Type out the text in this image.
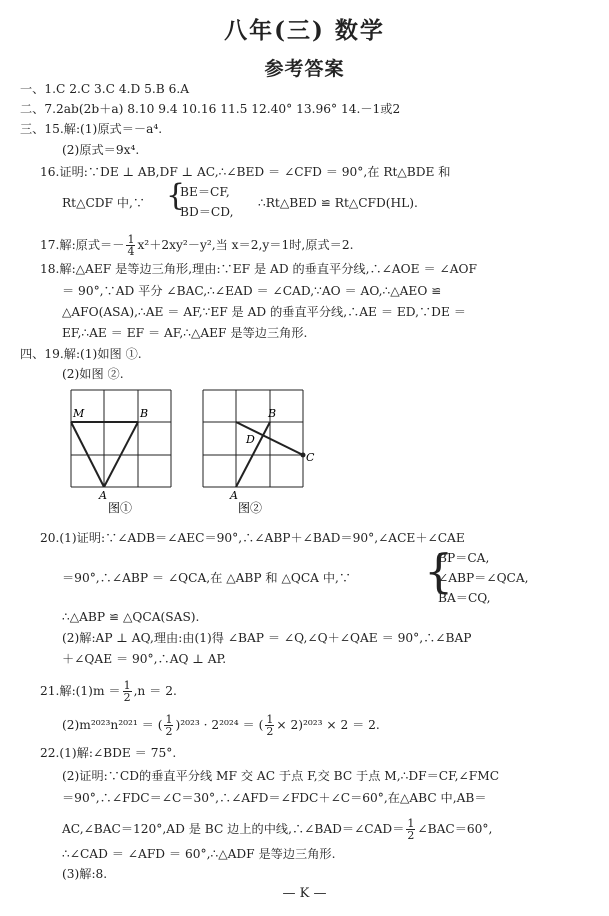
八年(三) 数学
参考答案
一、1.C 2.C 3.C 4.D 5.B 6.A
二、7.2ab(2b＋a) 8.10 9.4 10.16 11.5 12.40° 13.96° 14.－1或2
三、15.解:(1)原式＝－a⁴.
(2)原式＝9x⁴.
16.证明:∵DE ⊥ AB,DF ⊥ AC,∴∠BED ＝ ∠CFD ＝ 90°,在 Rt△BDE 和
Rt△CDF 中,∵ {
BE＝CF,
BD＝CD,
∴Rt△BED ≌ Rt△CFD(HL).
17.解:原式＝－ $\frac{1}{4} x^2+2xy^2-y^2$,当 x＝2,y＝1时,原式＝2.
18.解:△AEF 是等边三角形,理由:∵EF 是 AD 的垂直平分线,∴∠AOE ＝ ∠AOF
＝ 90°,∵AD 平分 ∠BAC,∴∠EAD ＝ ∠CAD,∵AO ＝ AO,∴△AEO ≌
△AFO(ASA),∴AE ＝ AF,∵EF 是 AD 的垂直平分线,∴AE ＝ ED,∵DE ＝
EF,∴AE ＝ EF ＝ AF,∴△AEF 是等边三角形.
四、19.解:(1)如图 ①.
(2)如图 ②.
M	B
A
图①
B
D
C
A
图②
20.(1)证明:∵∠ADB＝∠AEC＝90°,∴∠ABP＋∠BAD＝90°,∠ACE＋∠CAE
＝90°,∴∠ABP ＝ ∠QCA,在 △ABP 和 △QCA 中,∵ {
BP＝CA,
∠ABP＝∠QCA,
BA＝CQ,
∴△ABP ≌ △QCA(SAS).
(2)解:AP ⊥ AQ,理由:由(1)得 ∠BAP ＝ ∠Q,∠Q＋∠QAE ＝ 90°,∴∠BAP
＋∠QAE ＝ 90°,∴AQ ⊥ AP.
21.解:(1)m ＝ $\frac{1}{2} ,n = 2$.
(2)m²⁰²³n²⁰²¹ ＝ ( $\frac{1}{2} )^{2023} \cdot 2^{2024}$ ＝ ( $\frac{1}{2} \times 2)^{2023} \times 2 = 2$.
22.(1)解:∠BDE ＝ 75°.
(2)证明:∵CD的垂直平分线 MF 交 AC 于点 F,交 BC 于点 M,∴DF＝CF,∠FMC
＝90°,∴∠FDC＝∠C＝30°,∴∠AFD＝∠FDC＋∠C＝60°,在△ABC 中,AB＝
AC,∠BAC＝120°,AD 是 BC 边上的中线,∴∠BAD＝∠CAD＝ $\frac{1}{2}$ ∠BAC＝60°,
∴∠CAD ＝ ∠AFD ＝ 60°,∴△ADF 是等边三角形.
(3)解:8.
— K —
